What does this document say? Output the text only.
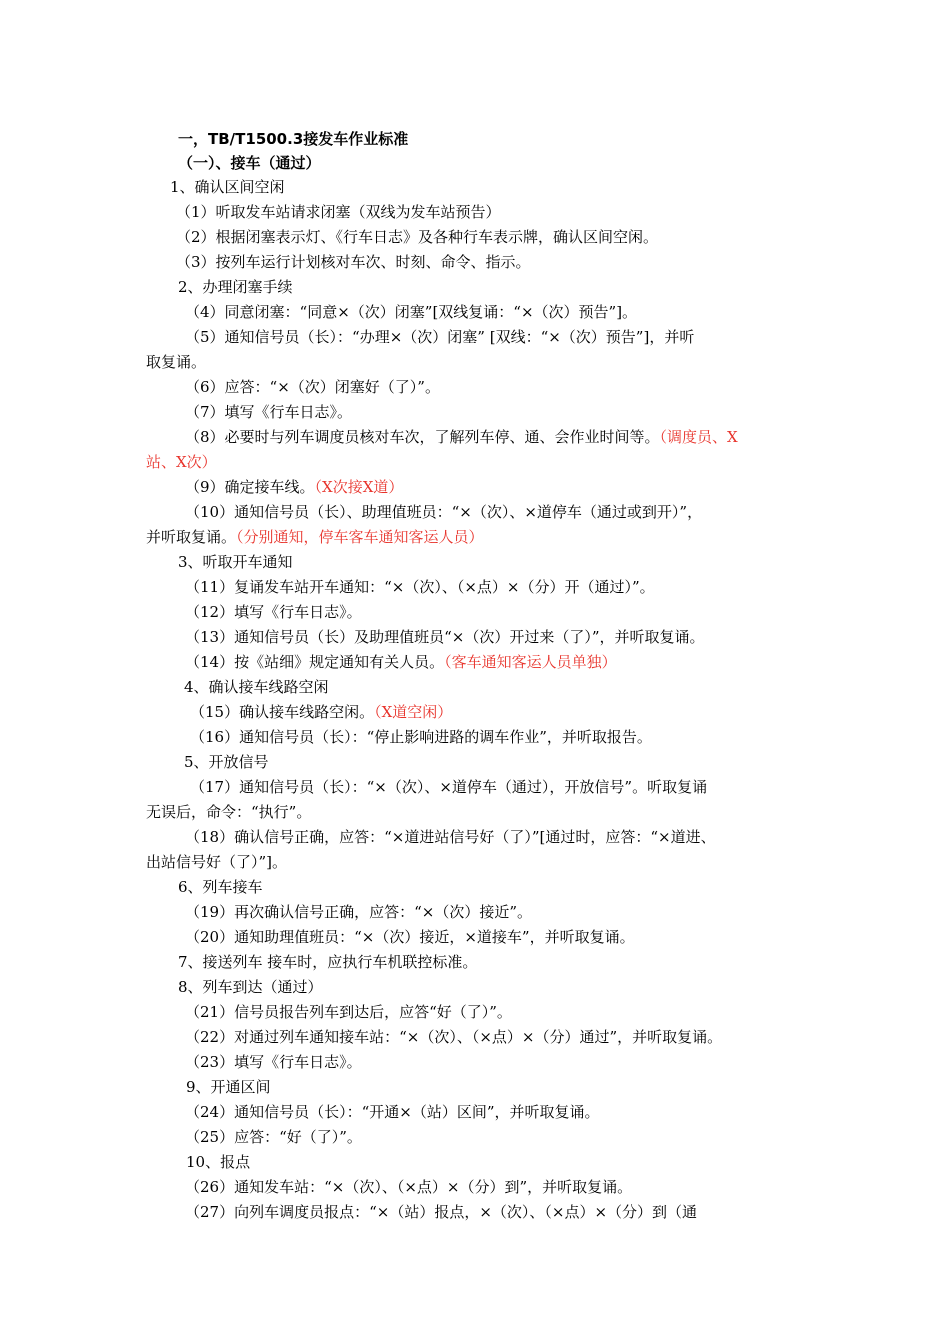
一，TB/T1500.3接发车作业标准
（一）、接车（通过）
1、确认区间空闲
（1）听取发车站请求闭塞（双线为发车站预告）
（2）根据闭塞表示灯、《行车日志》及各种行车表示牌，确认区间空闲。
（3）按列车运行计划核对车次、时刻、命令、指示。
2、办理闭塞手续
（4）同意闭塞：“同意×（次）闭塞”[双线复诵：“×（次）预告”]。
（5）通知信号员（长）：“办理×（次）闭塞” [双线：“×（次）预告”]，并听
取复诵。
（6）应答：“×（次）闭塞好（了）”。
（7）填写《行车日志》。
（8）必要时与列车调度员核对车次，了解列车停、通、会作业时间等。（调度员、X
站、X次）
（9）确定接车线。（X次接X道）
（10）通知信号员（长）、助理值班员：“×（次）、×道停车（通过或到开）”，
并听取复诵。（分别通知，停车客车通知客运人员）
3、听取开车通知
（11）复诵发车站开车通知：“×（次）、（×点）×（分）开（通过）”。
（12）填写《行车日志》。
（13）通知信号员（长）及助理值班员“×（次）开过来（了）”，并听取复诵。
（14）按《站细》规定通知有关人员。（客车通知客运人员单独）
4、确认接车线路空闲
（15）确认接车线路空闲。（X道空闲）
（16）通知信号员（长）：“停止影响进路的调车作业”，并听取报告。
5、开放信号
（17）通知信号员（长）：“×（次）、×道停车（通过），开放信号”。听取复诵
无误后，命令：“执行”。
（18）确认信号正确，应答：“×道进站信号好（了）”[通过时，应答：“×道进、
出站信号好（了）”]。
6、列车接车
（19）再次确认信号正确，应答：“×（次）接近”。
（20）通知助理值班员：“×（次）接近，×道接车”，并听取复诵。
7、接送列车 接车时，应执行车机联控标准。
8、列车到达（通过）
（21）信号员报告列车到达后，应答“好（了）”。
（22）对通过列车通知接车站：“×（次）、（×点）×（分）通过”，并听取复诵。
（23）填写《行车日志》。
9、开通区间
（24）通知信号员（长）：“开通×（站）区间”，并听取复诵。
（25）应答：“好（了）”。
10、报点
（26）通知发车站：“×（次）、（×点）×（分）到”，并听取复诵。
（27）向列车调度员报点：“×（站）报点，×（次）、（×点）×（分）到（通
